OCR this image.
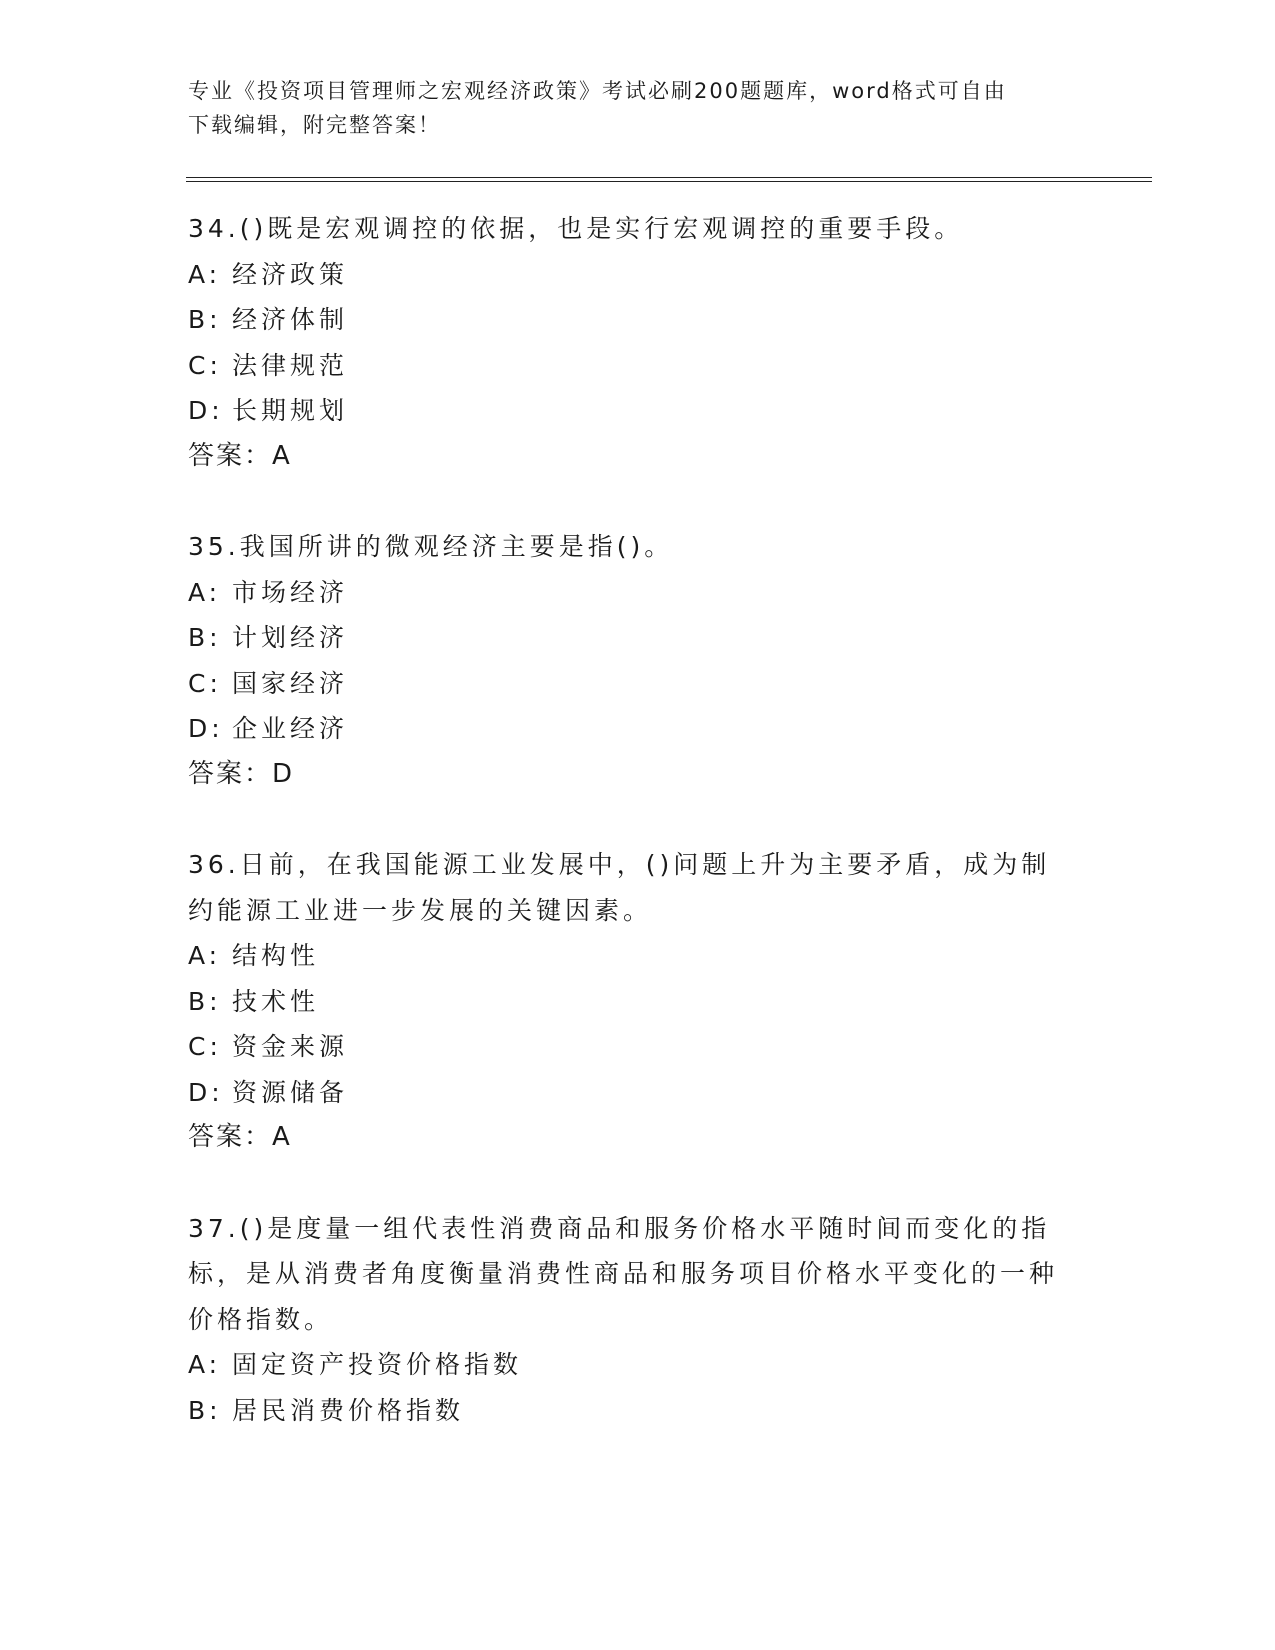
专业《投资项目管理师之宏观经济政策》考试必刷200题题库，word格式可自由
下载编辑，附完整答案！
34.()既是宏观调控的依据，也是实行宏观调控的重要手段。
A: 经济政策
B: 经济体制
C: 法律规范
D: 长期规划
答案：A
35.我国所讲的微观经济主要是指()。
A: 市场经济
B: 计划经济
C: 国家经济
D: 企业经济
答案：D
36.日前，在我国能源工业发展中，()问题上升为主要矛盾，成为制约能源工业进一步发展的关键因素。
A: 结构性
B: 技术性
C: 资金来源
D: 资源储备
答案：A
37.()是度量一组代表性消费商品和服务价格水平随时间而变化的指标，是从消费者角度衡量消费性商品和服务项目价格水平变化的一种价格指数。
A: 固定资产投资价格指数
B: 居民消费价格指数
